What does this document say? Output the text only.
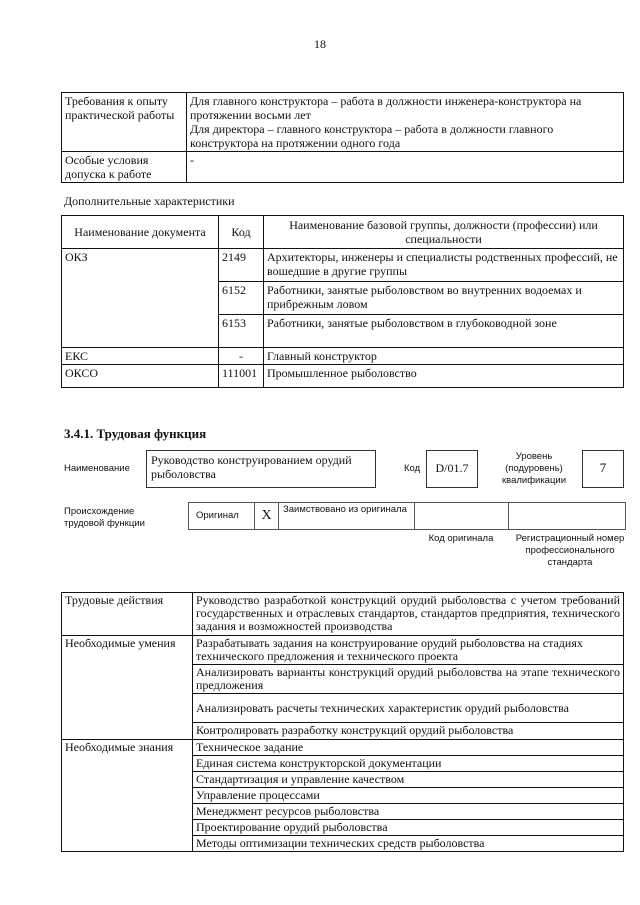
18
Требования к опыту практической работы	Для главного конструктора – работа в должности инженера-конструктора на протяжении восьми лет
Для директора – главного конструктора – работа в должности главного конструктора на протяжении одного года

Особые условия допуска к работе	-
Дополнительные характеристики
Наименование документа	Код	Наименование базовой группы, должности (профессии) или специальности
ОКЗ	2149	Архитекторы, инженеры и специалисты родственных профессий, не вошедшие в другие группы
	6152	Работники, занятые рыболовством во внутренних водоемах и прибрежным ловом
	6153	Работники, занятые рыболовством в глубоководной зоне
ЕКС	-	Главный конструктор
ОКСО	111001	Промышленное рыболовство
3.4.1. Трудовая функция
Наименование
Руководство конструированием орудий рыболовства	Код	D/01.7
Уровень (подуровень) квалификации
7
Происхождение трудовой функции
Оригинал	X	Заимствовано из оригинала
Код оригинала	Регистрационный номер профессионального стандарта
Трудовые действия	Руководство разработкой конструкций орудий рыболовства с учетом требований государственных и отраслевых стандартов, стандартов предприятия, технического задания и возможностей производства
Необходимые умения	Разрабатывать задания на конструирование орудий рыболовства на стадиях технического предложения и технического проекта
	Анализировать варианты конструкций орудий рыболовства на этапе технического предложения
	Анализировать расчеты технических характеристик орудий рыболовства
	Контролировать разработку конструкций орудий рыболовства
Необходимые знания	Техническое задание
	Единая система конструкторской документации
	Стандартизация и управление качеством
	Управление процессами
	Менеджмент ресурсов рыболовства
	Проектирование орудий рыболовства
	Методы оптимизации технических средств рыболовства
